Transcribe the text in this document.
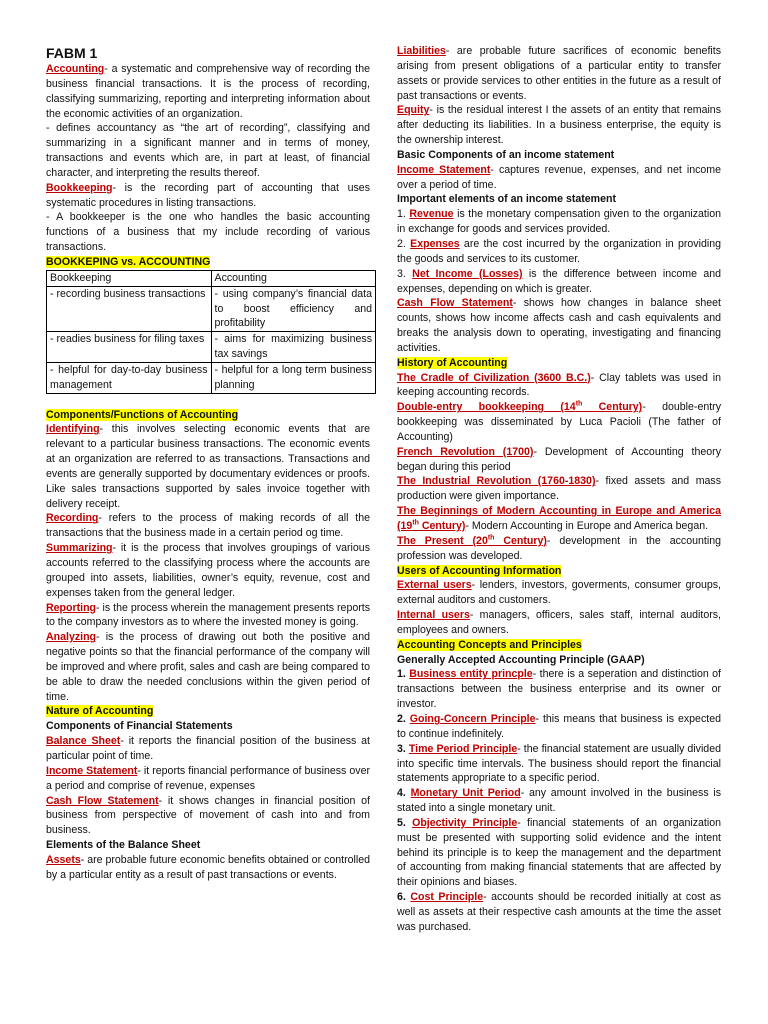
FABM 1

Accounting- a systematic and comprehensive way of recording the business financial transactions. It is the process of recording, classifying summarizing, reporting and interpreting information about the economic activities of an organization.

- defines accountancy as “the art of recording”, classifying and summarizing in a significant manner and in terms of money, transactions and events which are, in part at least, of financial character, and interpreting the results thereof.

Bookkeeping- is the recording part of accounting that uses systematic procedures in listing transactions.

- A bookkeeper is the one who handles the basic accounting functions of a business that my include recording of various transactions.

BOOKKEPING vs. ACCOUNTING

Bookkeeping	Accounting
- recording business transactions	- using company’s financial data to boost efficiency and profitability
- readies business for filing taxes	- aims for maximizing business tax savings
- helpful for day-to-day business management	- helpful for a long term business planning

Components/Functions of Accounting

Identifying- this involves selecting economic events that are relevant to a particular business transactions. The economic events at an organization are referred to as transactions. Transactions and events are generally supported by documentary evidences or proofs. Like sales transactions supported by sales invoice together with delivery receipt.

Recording- refers to the process of making records of all the transactions that the business made in a certain period og time.

Summarizing- it is the process that involves groupings of various accounts referred to the classifying process where the accounts are grouped into assets, liabilities, owner’s equity, revenue, cost and expenses taken from the general ledger.

Reporting- is the process wherein the management presents reports to the company investors as to where the invested money is going.

Analyzing- is the process of drawing out both the positive and negative points so that the financial performance of the company will be improved and where profit, sales and cash are being compared to be able to draw the needed conclusions within the given period of time.

Nature of Accounting

Components of Financial Statements

Balance Sheet- it reports the financial position of the business at particular point of time.

Income Statement- it reports financial performance of business over a period and comprise of revenue, expenses

Cash Flow Statement- it shows changes in financial position of business from perspective of movement of cash into and from business.

Elements of the Balance Sheet

Assets- are probable future economic benefits obtained or controlled by a particular entity as a result of past transactions or events.

Liabilities- are probable future sacrifices of economic benefits arising from present obligations of a particular entity to transfer assets or provide services to other entities in the future as a result of past transactions or events.

Equity- is the residual interest I the assets of an entity that remains after deducting its liabilities. In a business enterprise, the equity is the ownership interest.

Basic Components of an income statement

Income Statement- captures revenue, expenses, and net income over a period of time.

Important elements of an income statement

1. Revenue is the monetary compensation given to the organization in exchange for goods and services provided.

2. Expenses are the cost incurred by the organization in providing the goods and services to its customer.

3. Net Income (Losses) is the difference between income and expenses, depending on which is greater.

Cash Flow Statement- shows how changes in balance sheet counts, shows how income affects cash and cash equivalents and breaks the analysis down to operating, investigating and financing activities.

History of Accounting

The Cradle of Civilization (3600 B.C.)- Clay tablets was used in keeping accounting records.

Double-entry bookkeeping (14th Century)- double-entry bookkeeping was disseminated by Luca Pacioli (The father of Accounting)

French Revolution (1700)- Development of Accounting theory began during this period

The Industrial Revolution (1760-1830)- fixed assets and mass production were given importance.

The Beginnings of Modern Accounting in Europe and America (19th Century)- Modern Accounting in Europe and America began.

The Present (20th Century)- development in the accounting profession was developed.

Users of Accounting Information

External users- lenders, investors, goverments, consumer groups, external auditors and customers.

Internal users- managers, officers, sales staff, internal auditors, employees and owners.

Accounting Concepts and Principles

Generally Accepted Accounting Principle (GAAP)

1. Business entity princple- there is a seperation and distinction of transactions between the business enterprise and its owner or investor.

2. Going-Concern Principle- this means that business is expected to continue indefinitely.

3. Time Period Principle- the financial statement are usually divided into specific time intervals. The business should report the financial statements appropriate to a specific period.

4. Monetary Unit Period- any amount involved in the business is stated into a single monetary unit.

5. Objectivity Principle- financial statements of an organization must be presented with supporting solid evidence and the intent behind its principle is to keep the management and the department of accounting from making financial statements that are affected by their opinions and biases.

6. Cost Principle- accounts should be recorded initially at cost as well as assets at their respective cash amounts at the time the asset was purchased.
